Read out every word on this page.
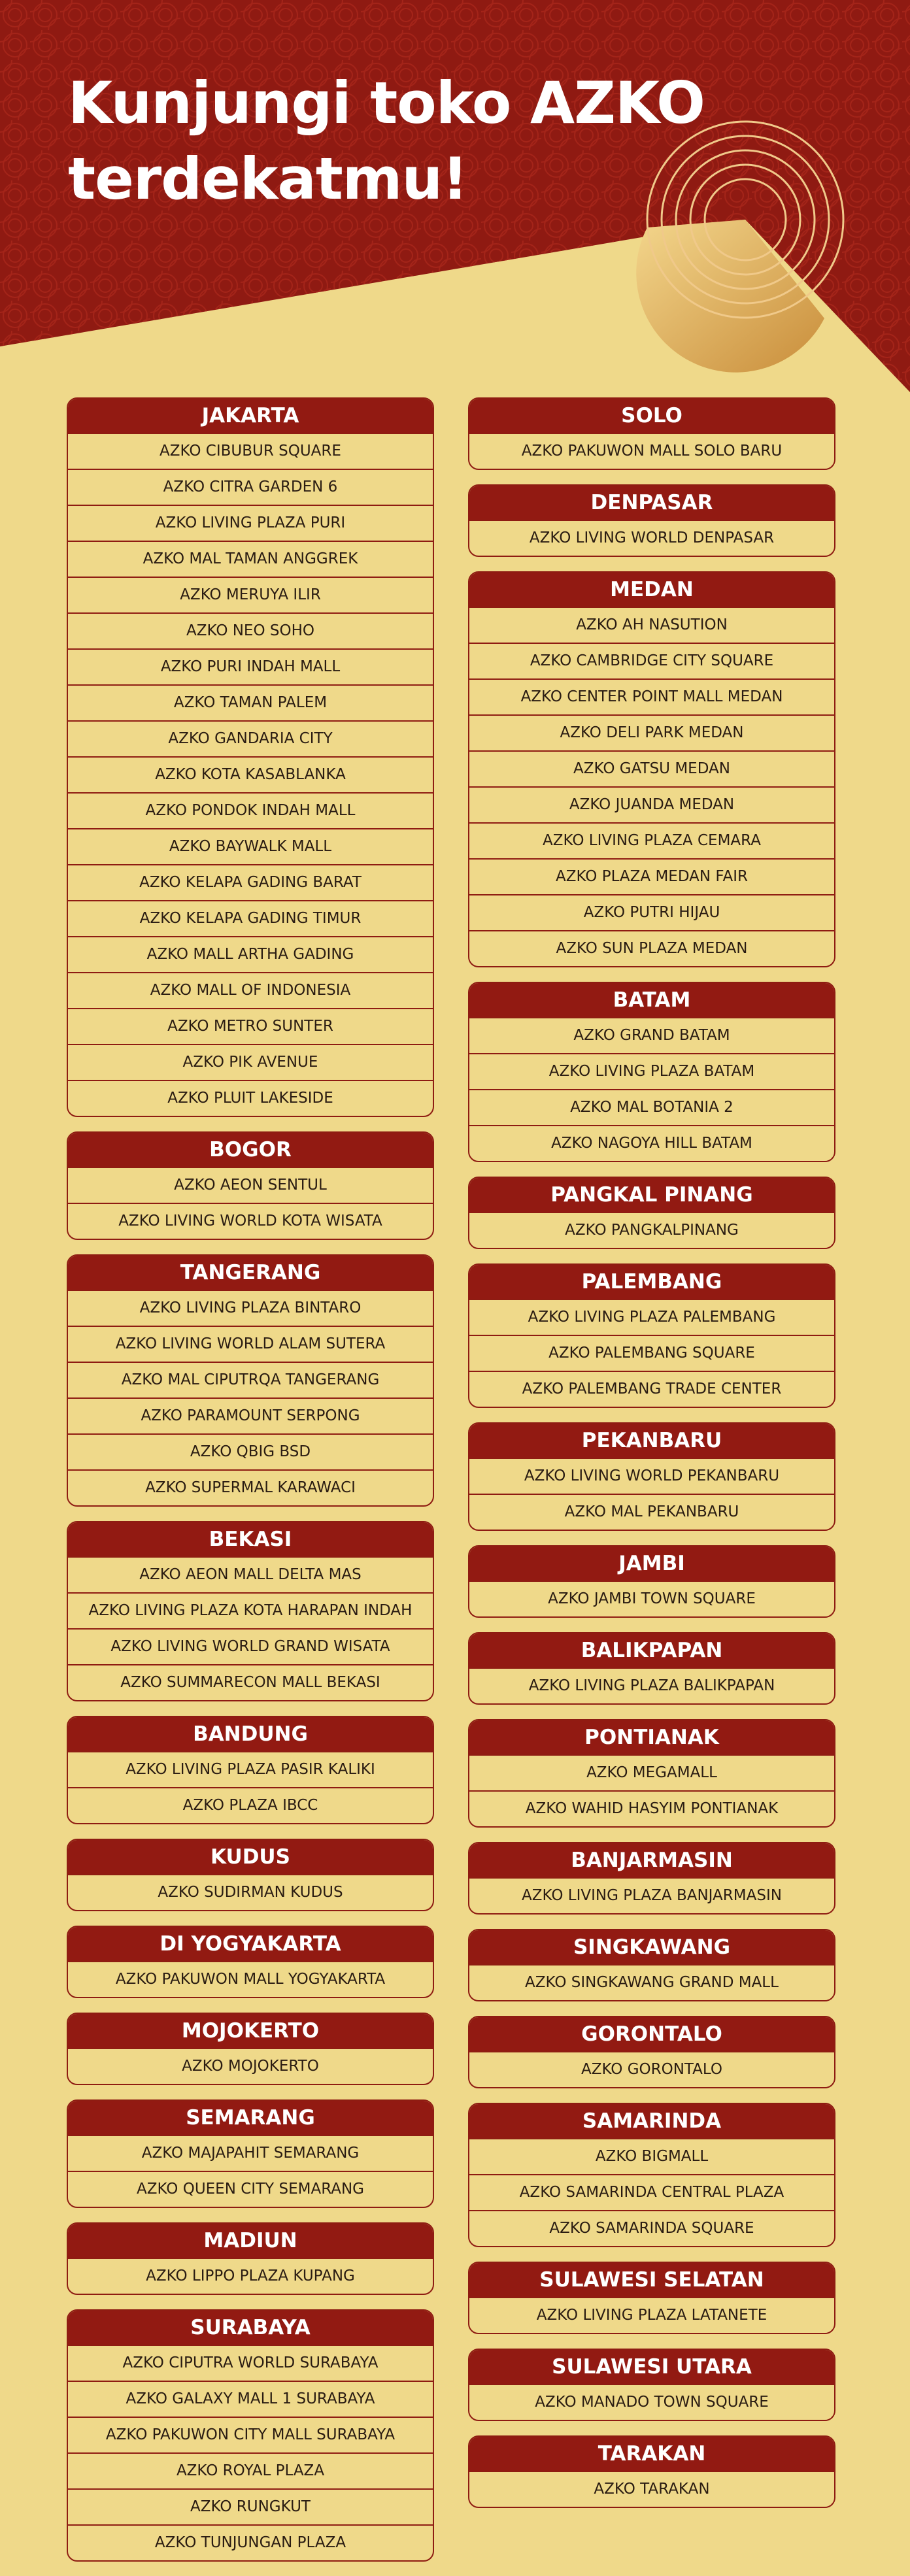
Kunjungi toko AZKO
terdekatmu!
JAKARTA
AZKO CIBUBUR SQUARE
AZKO CITRA GARDEN 6
AZKO LIVING PLAZA PURI
AZKO MAL TAMAN ANGGREK
AZKO MERUYA ILIR
AZKO NEO SOHO
AZKO PURI INDAH MALL
AZKO TAMAN PALEM
AZKO GANDARIA CITY
AZKO KOTA KASABLANKA
AZKO PONDOK INDAH MALL
AZKO BAYWALK MALL
AZKO KELAPA GADING BARAT
AZKO KELAPA GADING TIMUR
AZKO MALL ARTHA GADING
AZKO MALL OF INDONESIA
AZKO METRO SUNTER
AZKO PIK AVENUE
AZKO PLUIT LAKESIDE
BOGOR
AZKO AEON SENTUL
AZKO LIVING WORLD KOTA WISATA
TANGERANG
AZKO LIVING PLAZA BINTARO
AZKO LIVING WORLD ALAM SUTERA
AZKO MAL CIPUTRQA TANGERANG
AZKO PARAMOUNT SERPONG
AZKO QBIG BSD
AZKO SUPERMAL KARAWACI
BEKASI
AZKO AEON MALL DELTA MAS
AZKO LIVING PLAZA KOTA HARAPAN INDAH
AZKO LIVING WORLD GRAND WISATA
AZKO SUMMARECON MALL BEKASI
BANDUNG
AZKO LIVING PLAZA PASIR KALIKI
AZKO PLAZA IBCC
KUDUS
AZKO SUDIRMAN KUDUS
DI YOGYAKARTA
AZKO PAKUWON MALL YOGYAKARTA
MOJOKERTO
AZKO MOJOKERTO
SEMARANG
AZKO MAJAPAHIT SEMARANG
AZKO QUEEN CITY SEMARANG
MADIUN
AZKO LIPPO PLAZA KUPANG
SURABAYA
AZKO CIPUTRA WORLD SURABAYA
AZKO GALAXY MALL 1 SURABAYA
AZKO PAKUWON CITY MALL SURABAYA
AZKO ROYAL PLAZA
AZKO RUNGKUT
AZKO TUNJUNGAN PLAZA
SOLO
AZKO PAKUWON MALL SOLO BARU
DENPASAR
AZKO LIVING WORLD DENPASAR
MEDAN
AZKO AH NASUTION
AZKO CAMBRIDGE CITY SQUARE
AZKO CENTER POINT MALL MEDAN
AZKO DELI PARK MEDAN
AZKO GATSU MEDAN
AZKO JUANDA MEDAN
AZKO LIVING PLAZA CEMARA
AZKO PLAZA MEDAN FAIR
AZKO PUTRI HIJAU
AZKO SUN PLAZA MEDAN
BATAM
AZKO GRAND BATAM
AZKO LIVING PLAZA BATAM
AZKO MAL BOTANIA 2
AZKO NAGOYA HILL BATAM
PANGKAL PINANG
AZKO PANGKALPINANG
PALEMBANG
AZKO LIVING PLAZA PALEMBANG
AZKO PALEMBANG SQUARE
AZKO PALEMBANG TRADE CENTER
PEKANBARU
AZKO LIVING WORLD PEKANBARU
AZKO MAL PEKANBARU
JAMBI
AZKO JAMBI TOWN SQUARE
BALIKPAPAN
AZKO LIVING PLAZA BALIKPAPAN
PONTIANAK
AZKO MEGAMALL
AZKO WAHID HASYIM PONTIANAK
BANJARMASIN
AZKO LIVING PLAZA BANJARMASIN
SINGKAWANG
AZKO SINGKAWANG GRAND MALL
GORONTALO
AZKO GORONTALO
SAMARINDA
AZKO BIGMALL
AZKO SAMARINDA CENTRAL PLAZA
AZKO SAMARINDA SQUARE
SULAWESI SELATAN
AZKO LIVING PLAZA LATANETE
SULAWESI UTARA
AZKO MANADO TOWN SQUARE
TARAKAN
AZKO TARAKAN
